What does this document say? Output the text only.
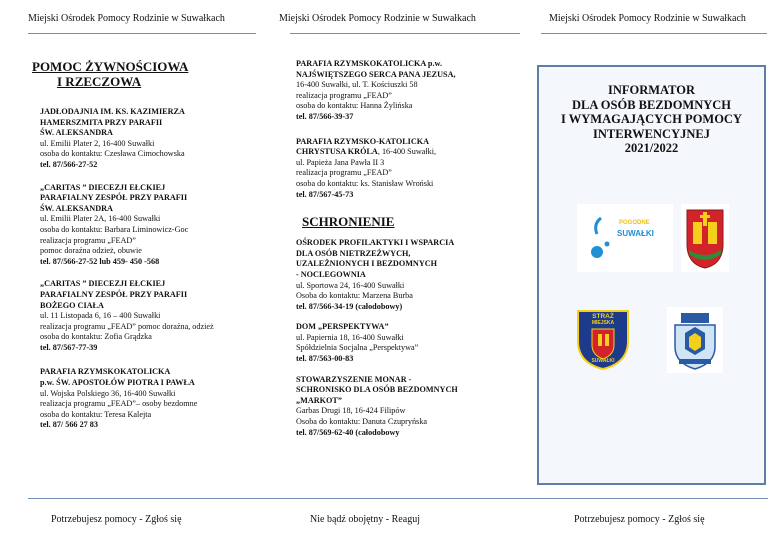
Miejski Ośrodek Pomocy Rodzinie w Suwałkach	Miejski Ośrodek Pomocy Rodzinie w Suwałkach	Miejski Ośrodek Pomocy Rodzinie w Suwałkach
POMOC ŻYWNOŚCIOWA
I RZECZOWA
JADŁODAJNIA IM. KS. KAZIMIERZA
HAMERSZMITA PRZY PARAFII
ŚW. ALEKSANDRA
ul. Emilii Plater 2, 16-400 Suwałki
osoba do kontaktu: Czesława Cimochowska
tel. 87/566-27-52
„CARITAS ” DIECEZJI EŁCKIEJ
PARAFIALNY ZESPÓŁ PRZY PARAFII
ŚW. ALEKSANDRA
ul. Emilii Plater 2A, 16-400 Suwałki
osoba do kontaktu: Barbara Liminowicz-Goc
realizacja programu „FEAD”
pomoc doraźna odzież, obuwie
tel. 87/566-27-52 lub 459- 450 -568
„CARITAS ” DIECEZJI EŁCKIEJ
PARAFIALNY ZESPÓŁ PRZY PARAFII
BOŻEGO CIAŁA
ul. 11 Listopada 6, 16 – 400 Suwałki
realizacja programu „FEAD” pomoc doraźna, odzież
osoba do kontaktu: Zofia Grądzka
tel. 87/567-77-39
PARAFIA RZYMSKOKATOLICKA
p.w. ŚW. APOSTOŁÓW PIOTRA I PAWŁA
ul. Wojska Polskiego 36, 16-400 Suwałki
realizacja programu „FEAD”– osoby bezdomne
osoba do kontaktu: Teresa Kalejta
tel. 87/ 566 27 83
PARAFIA RZYMSKOKATOLICKA p.w.
NAJŚWIĘTSZEGO SERCA PANA JEZUSA,
16-400 Suwałki, ul. T. Kościuszki 58
realizacja programu „FEAD”
osoba do kontaktu: Hanna Żylińska
tel. 87/566-39-37
PARAFIA RZYMSKO-KATOLICKA
CHRYSTUSA KRÓLA, 16-400 Suwałki,
ul. Papieża Jana Pawła II 3
realizacja programu „FEAD”
osoba do kontaktu: ks. Stanisław Wroński
tel. 87/567-45-73
SCHRONIENIE
OŚRODEK PROFILAKTYKI I WSPARCIA
DLA OSÓB NIETRZEŹWYCH,
UZALEŻNIONYCH I BEZDOMNYCH
- NOCLEGOWNIA
ul. Sportowa 24, 16-400 Suwałki
Osoba do kontaktu: Marzena Burba
tel. 87/566-34-19 (całodobowy)
DOM „PERSPEKTYWA”
ul. Papiernia 18, 16-400 Suwałki
Spółdzielnia Socjalna „Perspektywa”
tel. 87/563-00-83
STOWARZYSZENIE MONAR -
SCHRONISKO DLA OSÓB BEZDOMNYCH
„MARKOT”
Garbas Drugi 18, 16-424 Filipów
Osoba do kontaktu: Danuta Czupryńska
tel. 87/569-62-40 (całodobowy
INFORMATOR
DLA OSÓB BEZDOMNYCH
I WYMAGAJĄCYCH POMOCY
INTERWENCYJNEJ
2021/2022
POGODNE
SUWAŁKI
STRAŻ
MIEJSKA
SUWAŁKI
Potrzebujesz pomocy - Zgłoś się	Nie bądź obojętny - Reaguj	Potrzebujesz pomocy - Zgłoś się
